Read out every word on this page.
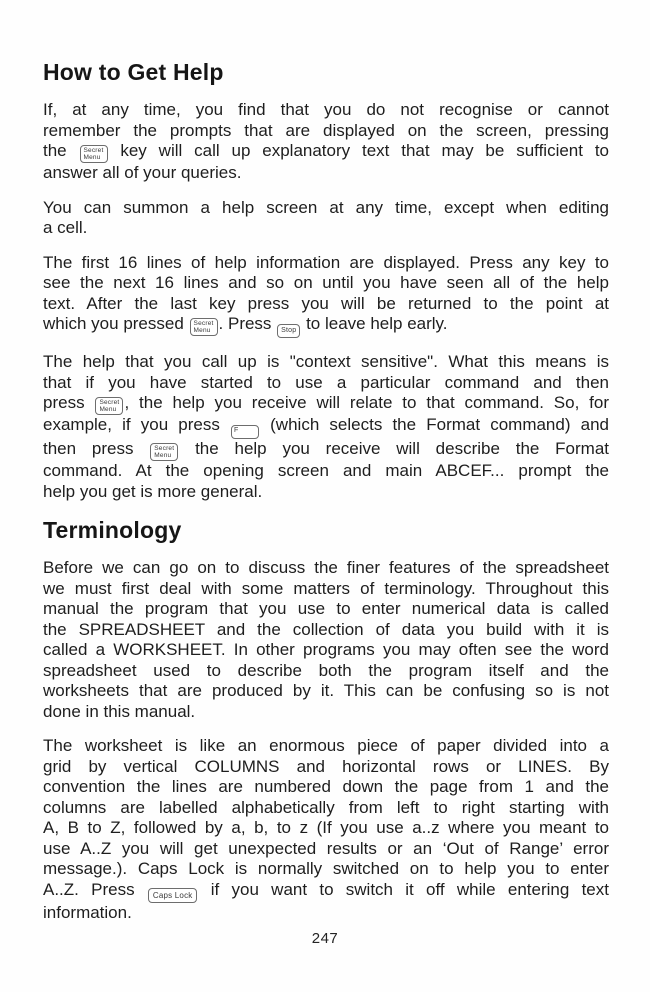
How to Get Help

If, at any time, you find that you do not recognise or cannot
remember the prompts that are displayed on the screen, pressing
the Secret
Menu key will call up explanatory text that may be sufficient to
answer all of your queries.

You can summon a help screen at any time, except when editing
a cell.

The first 16 lines of help information are displayed. Press any key to
see the next 16 lines and so on until you have seen all of the help
text. After the last key press you will be returned to the point at
which you pressed Secret
Menu . Press Stop to leave help early.

The help that you call up is "context sensitive". What this means is
that if you have started to use a particular command and then
press Secret
Menu , the help you receive will relate to that command. So, for
example, if you press F	(which selects the Format command) and
then press Secret
Menu the help you receive will describe the Format
command. At the opening screen and main ABCEF... prompt the
help you get is more general.

Terminology

Before we can go on to discuss the finer features of the spreadsheet
we must first deal with some matters of terminology. Throughout this
manual the program that you use to enter numerical data is called
the SPREADSHEET and the collection of data you build with it is
called a WORKSHEET. In other programs you may often see the word
spreadsheet used to describe both the program itself and the
worksheets that are produced by it. This can be confusing so is not
done in this manual.

The worksheet is like an enormous piece of paper divided into a
grid by vertical COLUMNS and horizontal rows or LINES. By
convention the lines are numbered down the page from 1 and the
columns are labelled alphabetically from left to right starting with
A, B to Z, followed by a, b, to z (If you use a..z where you meant to
use A..Z you will get unexpected results or an ‘Out of Range’ error
message.). Caps Lock is normally switched on to help you to enter
A..Z. Press Caps Lock if you want to switch it off while entering text
information.

247
